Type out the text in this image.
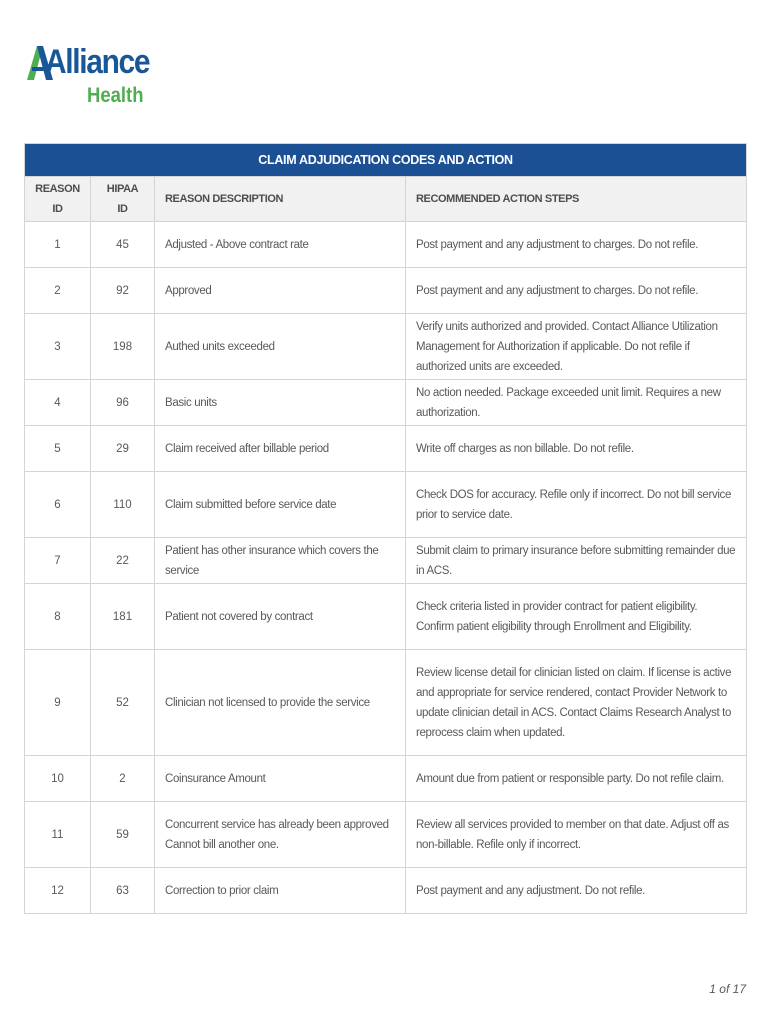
Alliance
Health
CLAIM ADJUDICATION CODES AND ACTION			
REASON ID	HIPAA ID	REASON DESCRIPTION	RECOMMENDED ACTION STEPS
1	45	Adjusted - Above contract rate	Post payment and any adjustment to charges. Do not refile.

2	92	Approved	Post payment and any adjustment to charges. Do not refile.

3	198	Authed units exceeded	Verify units authorized and provided. Contact Alliance Utilization Management for Authorization if applicable. Do not refile if authorized units are exceeded.

4	96	Basic units	No action needed. Package exceeded unit limit. Requires a new authorization.

5	29	Claim received after billable period	Write off charges as non billable. Do not refile.

6	110	Claim submitted before service date	Check DOS for accuracy. Refile only if incorrect. Do not bill service prior to service date.

7	22	Patient has other insurance which covers the service	Submit claim to primary insurance before submitting remainder due in ACS.

8	181	Patient not covered by contract	Check criteria listed in provider contract for patient eligibility. Confirm patient eligibility through Enrollment and Eligibility.

9	52	Clinician not licensed to provide the service	Review license detail for clinician listed on claim. If license is active and appropriate for service rendered, contact Provider Network to update clinician detail in ACS. Contact Claims Research Analyst to reprocess claim when updated.

10	2	Coinsurance Amount	Amount due from patient or responsible party. Do not refile claim.

11	59	Concurrent service has already been approved Cannot bill another one.	Review all services provided to member on that date. Adjust off as non-billable. Refile only if incorrect.

12	63	Correction to prior claim	Post payment and any adjustment. Do not refile.
1 of 17
